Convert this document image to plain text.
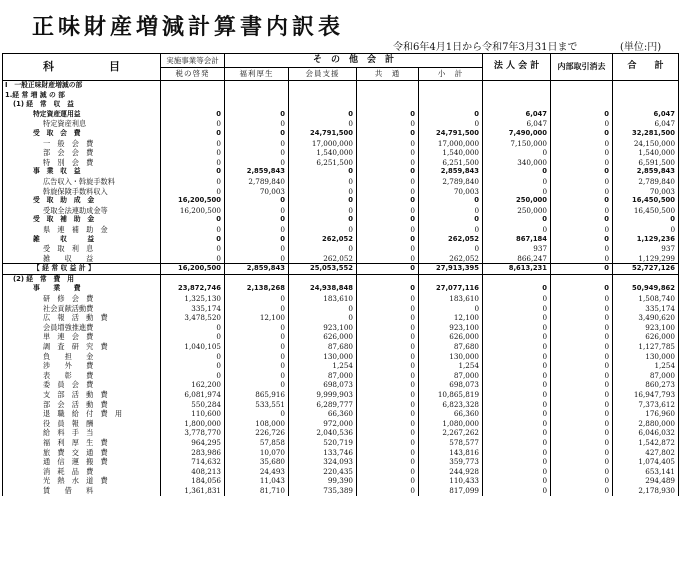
正味財産増減計算書内訳表
令和6年4月1日から令和7年3月31日まで	(単位:円)
科　　　　　目	実施事業等会計	そ　の　他　会　計				法 人 会 計	内部取引消去	合　　計
	税の啓発	福利厚生	会員支援	共　通	小　計			
Ⅰ　一般正味財産増減の部								
1.経 常 増 減 の 部								
(1) 経　常　収　益								
特定資産運用益	0	0	0	0	0	6,047	0	6,047
特定資産利息	0	0	0	0	0	6,047	0	6,047
受　取　会　費	0	0	24,791,500	0	24,791,500	7,490,000	0	32,281,500
一　般　会　費	0	0	17,000,000	0	17,000,000	7,150,000	0	24,150,000
部　会　会　費	0	0	1,540,000	0	1,540,000	0	0	1,540,000
特　別　会　費	0	0	6,251,500	0	6,251,500	340,000	0	6,591,500
事　業　収　益	0	2,859,843	0	0	2,859,843	0	0	2,859,843
広告収入・斡旋手数料	0	2,789,840	0	0	2,789,840	0	0	2,789,840
斡旋保険手数料収入	0	70,003	0	0	70,003	0	0	70,003
受　取　助　成　金	16,200,500	0	0	0	0	250,000	0	16,450,500
受取全法連助成金等	16,200,500	0	0	0	0	250,000	0	16,450,500
受　取　補　助　金	0	0	0	0	0	0	0	0
県　連　補　助　金	0	0	0	0	0	0	0	0
雑　　　収　　　益	0	0	262,052	0	262,052	867,184	0	1,129,236
受　取　利　息	0	0	0	0	0	937	0	937
雑　　収　　益	0	0	262,052	0	262,052	866,247	0	1,129,299
【 経 常 収 益 計 】	16,200,500	2,859,843	25,053,552	0	27,913,395	8,613,231	0	52,727,126
(2) 経　常　費　用								
事　　業　　費	23,872,746	2,138,268	24,938,848	0	27,077,116	0	0	50,949,862
研　修　会　費	1,325,130	0	183,610	0	183,610	0	0	1,508,740
社会貢献活動費	335,174	0	0	0	0	0	0	335,174
広　報　活　動　費	3,478,520	12,100	0	0	12,100	0	0	3,490,620
会員増強推進費	0	0	923,100	0	923,100	0	0	923,100
単　連　会　費	0	0	626,000	0	626,000	0	0	626,000
調　査　研　究　費	1,040,105	0	87,680	0	87,680	0	0	1,127,785
負　　担　　金	0	0	130,000	0	130,000	0	0	130,000
渉　　外　　費	0	0	1,254	0	1,254	0	0	1,254
表　　彰　　費	0	0	87,000	0	87,000	0	0	87,000
委　員　会　費	162,200	0	698,073	0	698,073	0	0	860,273
支　部　活　動　費	6,081,974	865,916	9,999,903	0	10,865,819	0	0	16,947,793
部　会　活　動　費	550,284	533,551	6,289,777	0	6,823,328	0	0	7,373,612
退　職　給　付　費　用	110,600	0	66,360	0	66,360	0	0	176,960
役　員　報　酬	1,800,000	108,000	972,000	0	1,080,000	0	0	2,880,000
給　料　手　当	3,778,770	226,726	2,040,536	0	2,267,262	0	0	6,046,032
福　利　厚　生　費	964,295	57,858	520,719	0	578,577	0	0	1,542,872
旅　費　交　通　費	283,986	10,070	133,746	0	143,816	0	0	427,802
通　信　運　搬　費	714,632	35,680	324,093	0	359,773	0	0	1,074,405
消　耗　品　費	408,213	24,493	220,435	0	244,928	0	0	653,141
光　熱　水　道　費	184,056	11,043	99,390	0	110,433	0	0	294,489
賃　　借　　料	1,361,831	81,710	735,389	0	817,099	0	0	2,178,930
